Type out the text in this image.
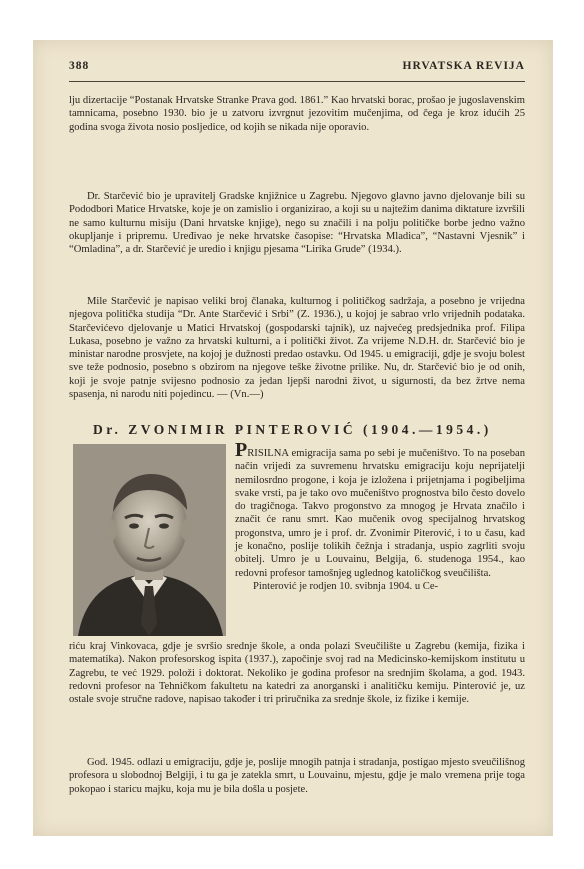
388	HRVATSKA REVIJA

lju dizertacije “Postanak Hrvatske Stranke Prava god. 1861.” Kao hrvatski borac, prošao je jugoslavenskim tamnicama, posebno 1930. bio je u zatvoru izvrgnut jezovitim mučenjima, od čega je kroz idućih 25 godina svoga života nosio posljedice, od kojih se nikada nije oporavio.

Dr. Starčević bio je upravitelj Gradske knjižnice u Zagrebu. Njegovo glavno javno djelovanje bili su Pododbori Matice Hrvatske, koje je on zamislio i organizirao, a koji su u najtežim danima diktature izvršili ne samo kulturnu misiju (Dani hrvatske knjige), nego su značili i na polju političke borbe jedno važno okupljanje i pripremu. Uređivao je neke hrvatske časopise: “Hrvatska Mladica”, “Nastavni Vjesnik” i “Omladina”, a dr. Starčević je uredio i knjigu pjesama “Lirika Grude” (1934.).

Mile Starčević je napisao veliki broj članaka, kulturnog i političkog sadržaja, a posebno je vrijedna njegova politička studija “Dr. Ante Starčević i Srbi” (Z. 1936.), u kojoj je sabrao vrlo vrijednih podataka. Starčevićevo djelovanje u Matici Hrvatskoj (gospodarski tajnik), uz najvećeg predsjednika prof. Filipa Lukasa, posebno je važno za hrvatski kulturni, a i politički život. Za vrijeme N.D.H. dr. Starčević bio je ministar narodne prosvjete, na kojoj je dužnosti predao ostavku. Od 1945. u emigraciji, gdje je svoju bolest sve teže podnosio, posebno s obzirom na njegove teške životne prilike. Nu, dr. Starčević bio je od onih, koji je svoje patnje svijesno podnosio za jedan ljepši narodni život, u sigurnosti, da bez žrtve nema spasenja, ni narodu niti pojedincu. — (Vn.—)

Dr. ZVONIMIR PINTEROVIĆ (1904.—1954.)

PRISILNA emigracija sama po sebi je mučeništvo. To na poseban način vrijedi za suvremenu hrvatsku emigraciju koju neprijatelji nemilosrdno progone, i koja je izložena i prijetnjama i pogibeljima svake vrsti, pa je tako ovo mučeništvo prognostva bilo često dovelo do tragičnoga. Takvo progonstvo za mnogog je Hrvata značilo i značit će ranu smrt. Kao mučenik ovog specijalnog hrvatskog progonstva, umro je i prof. dr. Zvonimir Piterović, i to u času, kad je konačno, poslije tolikih čežnja i stradanja, uspio zagrliti svoju obitelj. Umro je u Louvainu, Belgija, 6. studenoga 1954., kao redovni profesor tamošnjeg uglednog katoličkog sveučilišta.

Pinterović je rodjen 10. svibnja 1904. u Ce-

riću kraj Vinkovaca, gdje je svršio srednje škole, a onda polazi Sveučilište u Zagrebu (kemija, fizika i matematika). Nakon profesorskog ispita (1937.), započinje svoj rad na Medicinsko-kemijskom institutu u Zagrebu, te već 1929. položi i doktorat. Nekoliko je godina profesor na srednjim školama, a god. 1943. redovni profesor na Tehničkom fakultetu na katedri za anorganski i analitičku kemiju. Pinterović je, uz ostale svoje stručne radove, napisao također i tri priručnika za srednje škole, iz fizike i kemije.

God. 1945. odlazi u emigraciju, gdje je, poslije mnogih patnja i stradanja, postigao mjesto sveučilišnog profesora u slobodnoj Belgiji, i tu ga je zatekla smrt, u Louvainu, mjestu, gdje je malo vremena prije toga pokopao i staricu majku, koja mu je bila došla u posjete.
